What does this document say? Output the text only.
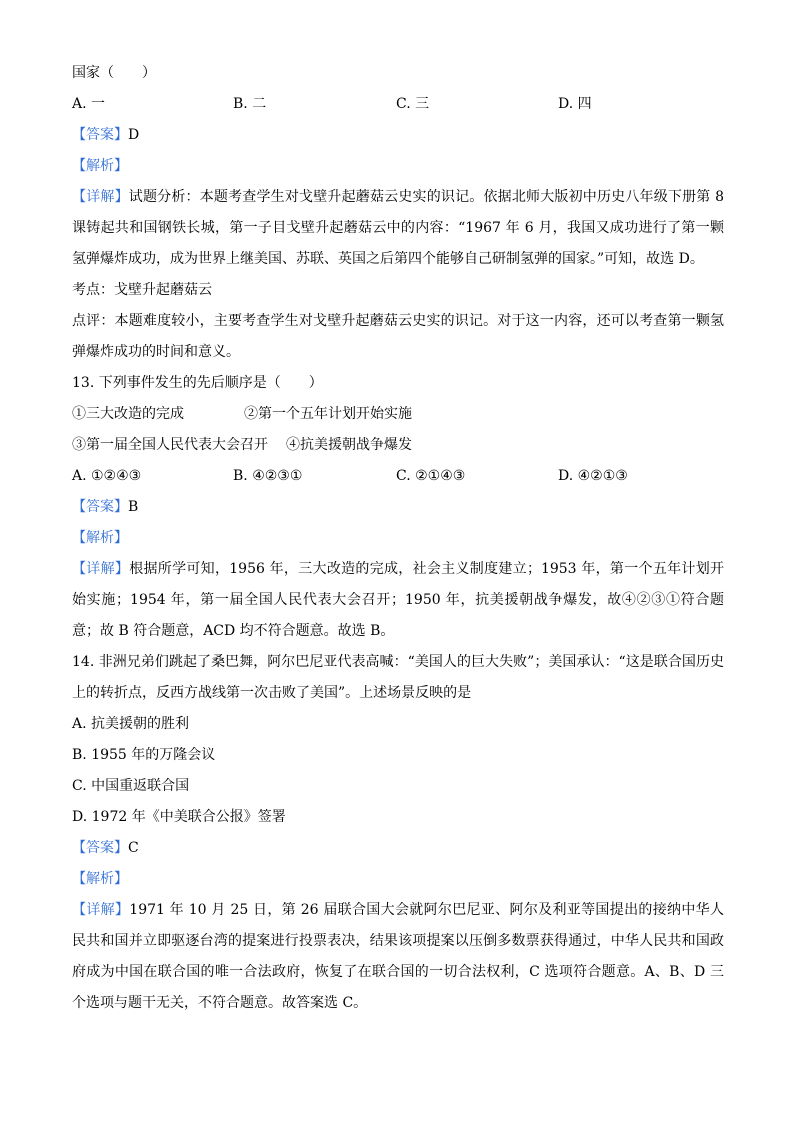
国家（　　）
A. 一	B. 二	C. 三	D. 四
【答案】D
【解析】
【详解】试题分析：本题考查学生对戈壁升起蘑菇云史实的识记。依据北师大版初中历史八年级下册第 8 课铸起共和国钢铁长城，第一子目戈壁升起蘑菇云中的内容：“1967 年 6 月，我国又成功进行了第一颗氢弹爆炸成功，成为世界上继美国、苏联、英国之后第四个能够自己研制氢弹的国家。”可知，故选 D。
考点：戈壁升起蘑菇云
点评：本题难度较小，主要考查学生对戈壁升起蘑菇云史实的识记。对于这一内容，还可以考查第一颗氢弹爆炸成功的时间和意义。
13. 下列事件发生的先后顺序是（　　）
①三大改造的完成	②第一个五年计划开始实施
③第一届全国人民代表大会召开 ④抗美援朝战争爆发
A. ①②④③	B. ④②③①	C. ②①④③	D. ④②①③
【答案】B
【解析】
【详解】根据所学可知，1956 年，三大改造的完成，社会主义制度建立；1953 年，第一个五年计划开始实施；1954 年，第一届全国人民代表大会召开；1950 年，抗美援朝战争爆发，故④②③①符合题意；故 B 符合题意，ACD 均不符合题意。故选 B。
14. 非洲兄弟们跳起了桑巴舞，阿尔巴尼亚代表高喊：“美国人的巨大失败”；美国承认：“这是联合国历史上的转折点，反西方战线第一次击败了美国”。上述场景反映的是
A. 抗美援朝的胜利
B. 1955 年的万隆会议
C. 中国重返联合国
D. 1972 年《中美联合公报》签署
【答案】C
【解析】
【详解】1971 年 10 月 25 日，第 26 届联合国大会就阿尔巴尼亚、阿尔及利亚等国提出的接纳中华人民共和国并立即驱逐台湾的提案进行投票表决，结果该项提案以压倒多数票获得通过，中华人民共和国政府成为中国在联合国的唯一合法政府，恢复了在联合国的一切合法权利，C 选项符合题意。A、B、D 三个选项与题干无关，不符合题意。故答案选 C。
